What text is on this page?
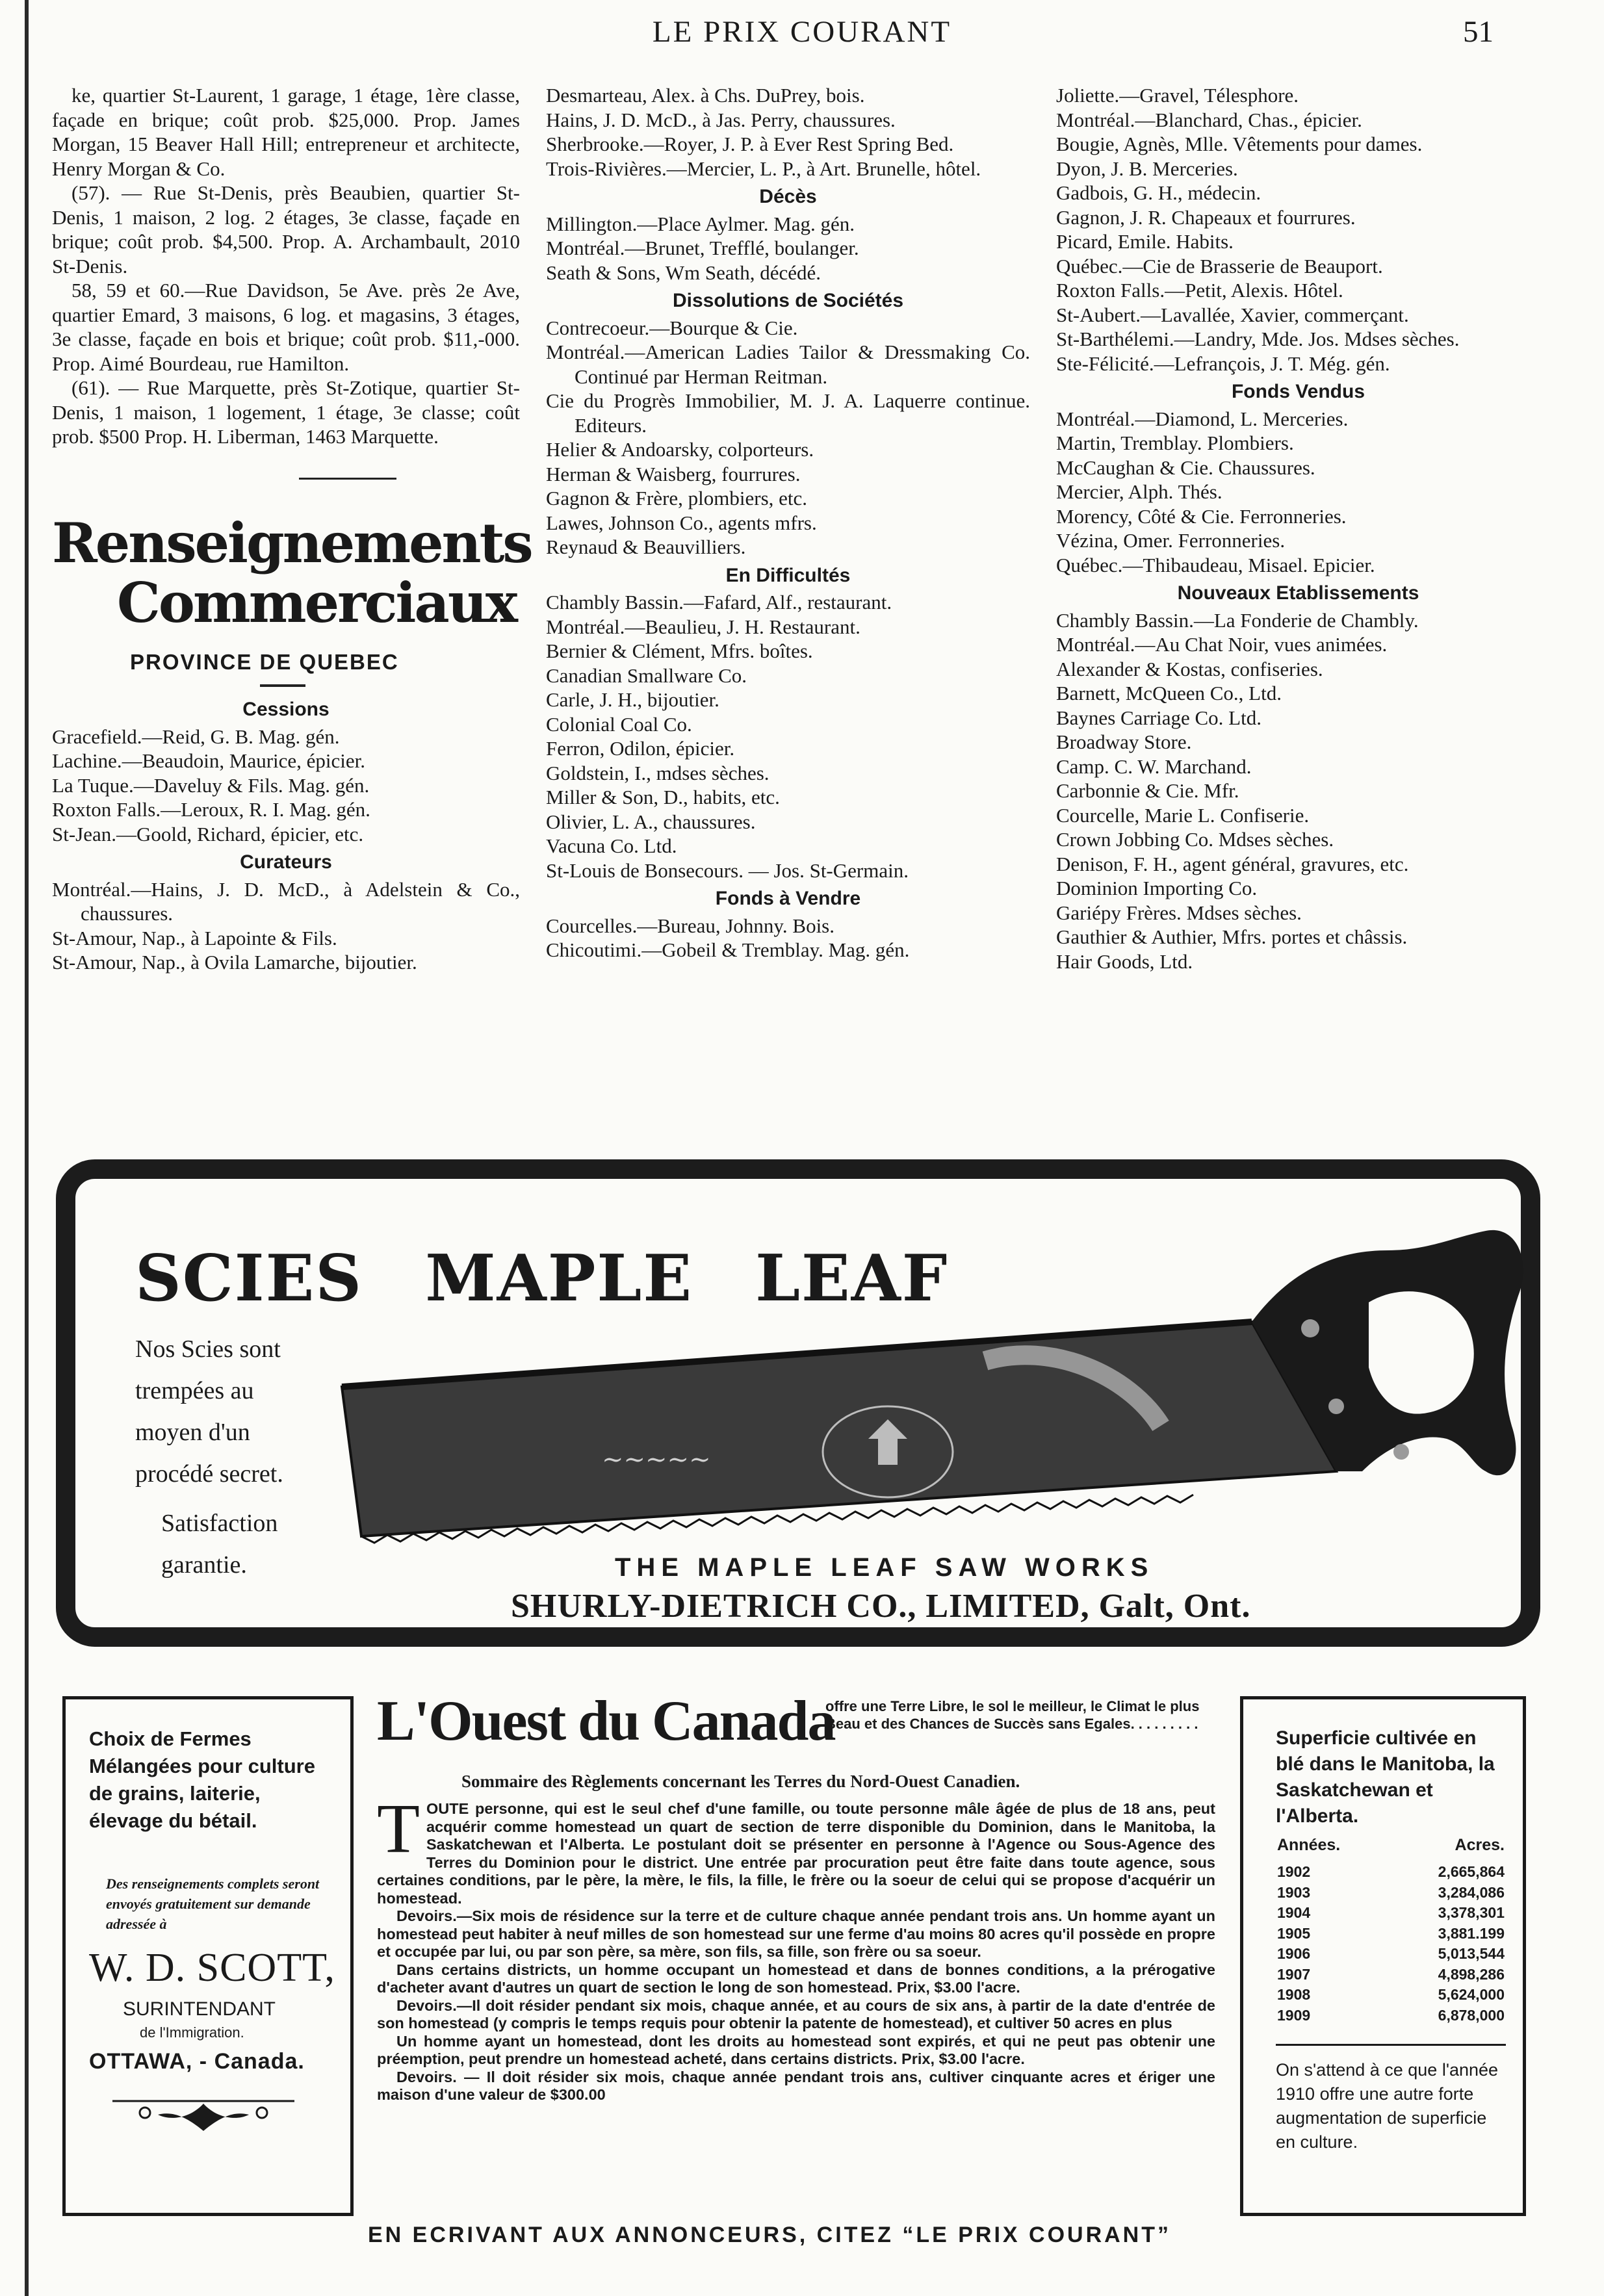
LE PRIX COURANT	51

ke, quartier St-Laurent, 1 garage, 1 étage, 1ère classe, façade en brique; coût prob. $25,000. Prop. James Morgan, 15 Beaver Hall Hill; entrepreneur et architecte, Henry Morgan & Co.

(57). — Rue St-Denis, près Beaubien, quartier St-Denis, 1 maison, 2 log. 2 étages, 3e classe, façade en brique; coût prob. $4,500. Prop. A. Archambault, 2010 St-Denis.

58, 59 et 60.—Rue Davidson, 5e Ave. près 2e Ave, quartier Emard, 3 maisons, 6 log. et magasins, 3 étages, 3e classe, façade en bois et brique; coût prob. $11,-000. Prop. Aimé Bourdeau, rue Hamilton.

(61). — Rue Marquette, près St-Zotique, quartier St-Denis, 1 maison, 1 logement, 1 étage, 3e classe; coût prob. $500 Prop. H. Liberman, 1463 Marquette.

Renseignements
Commerciaux
PROVINCE DE QUEBEC
Cessions

Gracefield.—Reid, G. B. Mag. gén.

Lachine.—Beaudoin, Maurice, épicier.

La Tuque.—Daveluy & Fils. Mag. gén.

Roxton Falls.—Leroux, R. I. Mag. gén.

St-Jean.—Goold, Richard, épicier, etc.

Curateurs

Montréal.—Hains, J. D. McD., à Adelstein & Co., chaussures.

St-Amour, Nap., à Lapointe & Fils.

St-Amour, Nap., à Ovila Lamarche, bijoutier.

Desmarteau, Alex. à Chs. DuPrey, bois.

Hains, J. D. McD., à Jas. Perry, chaussures.

Sherbrooke.—Royer, J. P. à Ever Rest Spring Bed.

Trois-Rivières.—Mercier, L. P., à Art. Brunelle, hôtel.

Décès

Millington.—Place Aylmer. Mag. gén.

Montréal.—Brunet, Trefflé, boulanger.

Seath & Sons, Wm Seath, décédé.

Dissolutions de Sociétés

Contrecoeur.—Bourque & Cie.

Montréal.—American Ladies Tailor & Dressmaking Co. Continué par Herman Reitman.

Cie du Progrès Immobilier, M. J. A. Laquerre continue. Editeurs.

Helier & Andoarsky, colporteurs.

Herman & Waisberg, fourrures.

Gagnon & Frère, plombiers, etc.

Lawes, Johnson Co., agents mfrs.

Reynaud & Beauvilliers.

En Difficultés

Chambly Bassin.—Fafard, Alf., restaurant.

Montréal.—Beaulieu, J. H. Restaurant.

Bernier & Clément, Mfrs. boîtes.

Canadian Smallware Co.

Carle, J. H., bijoutier.

Colonial Coal Co.

Ferron, Odilon, épicier.

Goldstein, I., mdses sèches.

Miller & Son, D., habits, etc.

Olivier, L. A., chaussures.

Vacuna Co. Ltd.

St-Louis de Bonsecours. — Jos. St-Germain.

Fonds à Vendre

Courcelles.—Bureau, Johnny. Bois.

Chicoutimi.—Gobeil & Tremblay. Mag. gén.

Joliette.—Gravel, Télesphore.

Montréal.—Blanchard, Chas., épicier.

Bougie, Agnès, Mlle. Vêtements pour dames.

Dyon, J. B. Merceries.

Gadbois, G. H., médecin.

Gagnon, J. R. Chapeaux et fourrures.

Picard, Emile. Habits.

Québec.—Cie de Brasserie de Beauport.

Roxton Falls.—Petit, Alexis. Hôtel.

St-Aubert.—Lavallée, Xavier, commerçant.

St-Barthélemi.—Landry, Mde. Jos. Mdses sèches.

Ste-Félicité.—Lefrançois, J. T. Még. gén.

Fonds Vendus

Montréal.—Diamond, L. Merceries.

Martin, Tremblay. Plombiers.

McCaughan & Cie. Chaussures.

Mercier, Alph. Thés.

Morency, Côté & Cie. Ferronneries.

Vézina, Omer. Ferronneries.

Québec.—Thibaudeau, Misael. Epicier.

Nouveaux Etablissements

Chambly Bassin.—La Fonderie de Chambly.

Montréal.—Au Chat Noir, vues animées.

Alexander & Kostas, confiseries.

Barnett, McQueen Co., Ltd.

Baynes Carriage Co. Ltd.

Broadway Store.

Camp. C. W. Marchand.

Carbonnie & Cie. Mfr.

Courcelle, Marie L. Confiserie.

Crown Jobbing Co. Mdses sèches.

Denison, F. H., agent général, gravures, etc.

Dominion Importing Co.

Gariépy Frères. Mdses sèches.

Gauthier & Authier, Mfrs. portes et châssis.

Hair Goods, Ltd.

SCIES MAPLE LEAF

Nos Scies sont trempées au moyen d'un procédé secret.

Satisfaction garantie.

~~~~~
THE MAPLE LEAF SAW WORKS
SHURLY-DIETRICH CO., LIMITED, Galt, Ont.
Choix de Fermes Mélangées pour culture de grains, laiterie, élevage du bétail.
Des renseignements complets seront envoyés gratuitement sur demande adressée à
W. D. SCOTT,
SURINTENDANT
de l'Immigration.
OTTAWA, - Canada.
L'Ouest du Canada
offre une Terre Libre, le sol le meilleur, le Climat le plus Beau et des Chances de Succès sans Egales. . . . . . . . .
Sommaire des Règlements concernant les Terres du Nord-Ouest Canadien.

TOUTE personne, qui est le seul chef d'une famille, ou toute personne mâle âgée de plus de 18 ans, peut acquérir comme homestead un quart de section de terre disponible du Dominion, dans le Manitoba, la Saskatchewan et l'Alberta. Le postulant doit se présenter en personne à l'Agence ou Sous-Agence des Terres du Dominion pour le district. Une entrée par procuration peut être faite dans toute agence, sous certaines conditions, par le père, la mère, le fils, la fille, le frère ou la soeur de celui qui se propose d'acquérir un homestead.

Devoirs.—Six mois de résidence sur la terre et de culture chaque année pendant trois ans. Un homme ayant un homestead peut habiter à neuf milles de son homestead sur une ferme d'au moins 80 acres qu'il possède en propre et occupée par lui, ou par son père, sa mère, son fils, sa fille, son frère ou sa soeur.

Dans certains districts, un homme occupant un homestead et dans de bonnes conditions, a la prérogative d'acheter avant d'autres un quart de section le long de son homestead. Prix, $3.00 l'acre.

Devoirs.—Il doit résider pendant six mois, chaque année, et au cours de six ans, à partir de la date d'entrée de son homestead (y compris le temps requis pour obtenir la patente de homestead), et cultiver 50 acres en plus

Un homme ayant un homestead, dont les droits au homestead sont expirés, et qui ne peut pas obtenir une préemption, peut prendre un homestead acheté, dans certains districts. Prix, $3.00 l'acre.

Devoirs. — Il doit résider six mois, chaque année pendant trois ans, cultiver cinquante acres et ériger une maison d'une valeur de $300.00

Superficie cultivée en blé dans le Manitoba, la Saskatchewan et l'Alberta.
Années.	Acres.
1902	2,665,864
1903	3,284,086
1904	3,378,301
1905	3,881.199
1906	5,013,544
1907	4,898,286
1908	5,624,000
1909	6,878,000
On s'attend à ce que l'année 1910 offre une autre forte augmentation de superficie en culture.
EN ECRIVANT AUX ANNONCEURS, CITEZ “LE PRIX COURANT”
